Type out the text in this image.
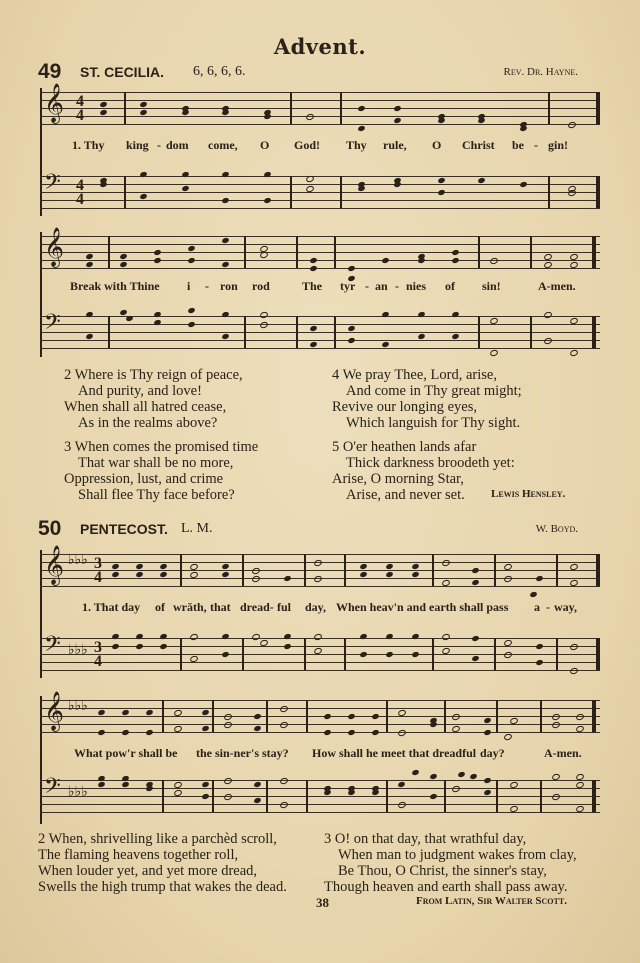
Advent.
49 ST. CECILIA. 6, 6, 6, 6.	Rev. Dr. Hayne.
𝄞 4
4
1. Thy king - dom come, O God! Thy rule, O Christ be - gin!
𝄢 4
4
𝄞
Break with Thine i - ron rod	The tyr - an - nies of sin!	A-men.
𝄢
2 Where is Thy reign of peace,
And purity, and love!
When shall all hatred cease,
As in the realms above?
3 When comes the promised time
That war shall be no more,
Oppression, lust, and crime
Shall flee Thy face before?
4 We pray Thee, Lord, arise,
And come in Thy great might;
Revive our longing eyes,
Which languish for Thy sight.
5 O'er heathen lands afar
Thick darkness broodeth yet:
Arise, O morning Star,
Arise, and never set.	Lewis Hensley.
50 PENTECOST. L. M.	W. Boyd.
𝄞 ♭♭♭ 3
4
1. That day of wrăth, that dread- ful day, When heav'n and earth shall pass a - way,
𝄢 ♭♭♭ 3
4
𝄞 ♭♭♭
What pow'r shall be the sin-ner's stay? How shall he meet that dreadful day?	A-men.
𝄢 ♭♭♭
2 When, shrivelling like a parchèd scroll,
The flaming heavens together roll,
When louder yet, and yet more dread,
Swells the high trump that wakes the dead.
3 O! on that day, that wrathful day,
When man to judgment wakes from clay,
Be Thou, O Christ, the sinner's stay,
Though heaven and earth shall pass away.
38	From Latin, Sir Walter Scott.
